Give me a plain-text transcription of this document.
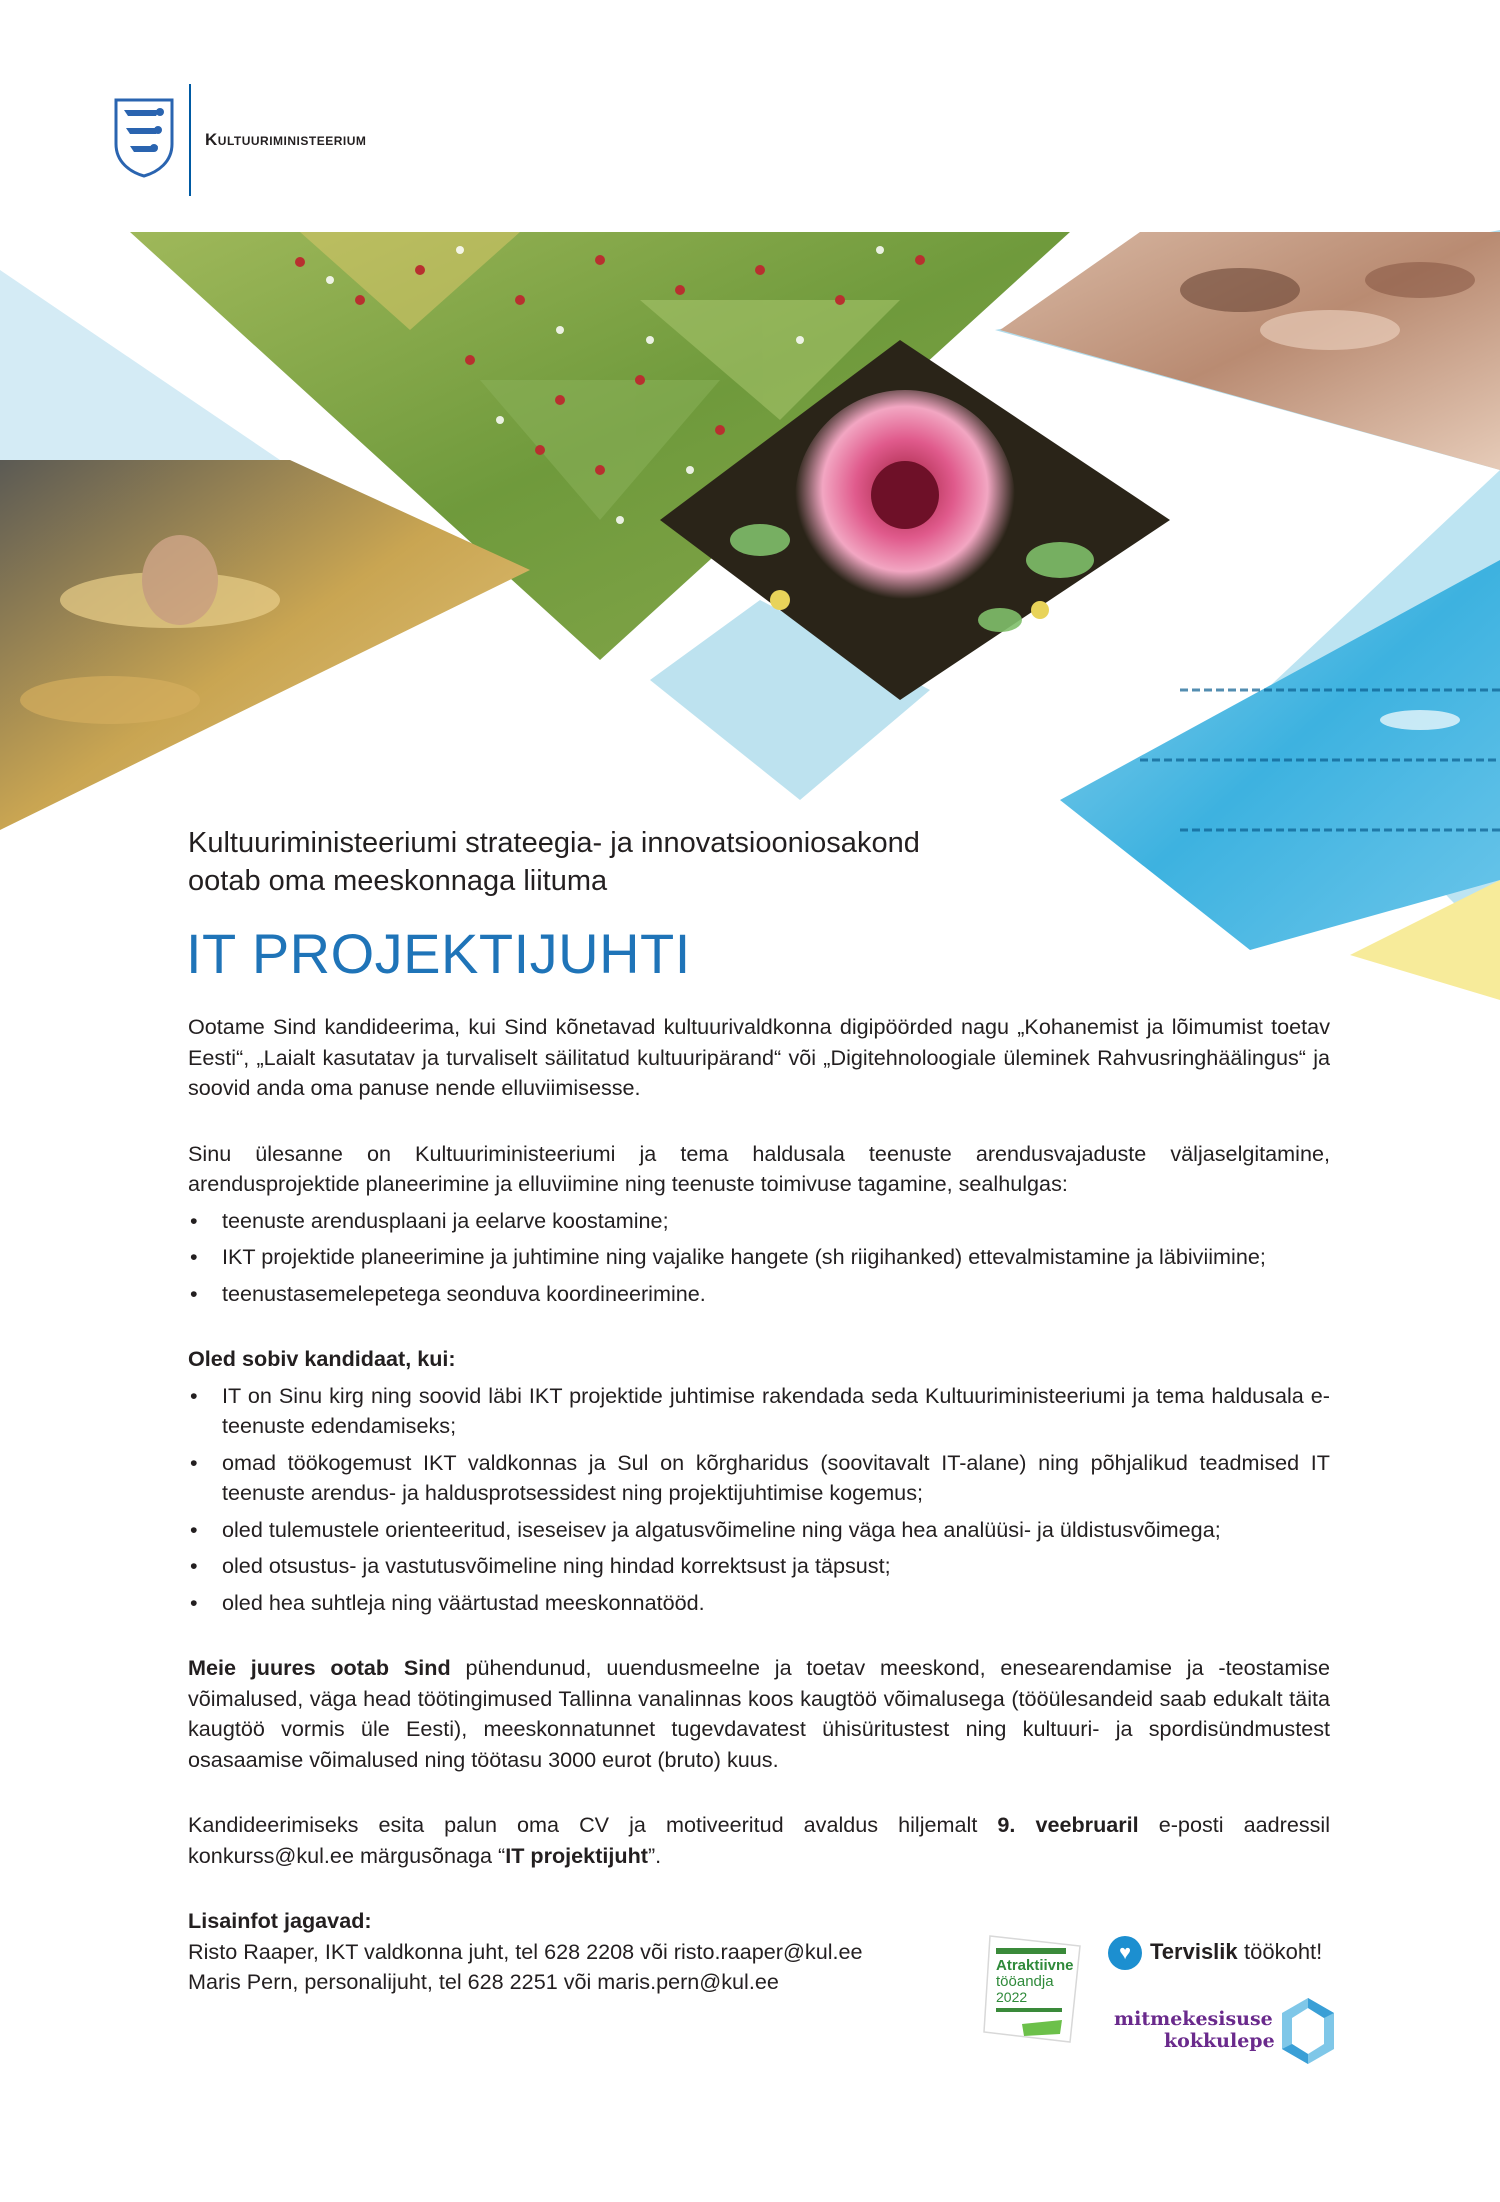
Kultuuriministeerium
Kultuuriministeeriumi strateegia- ja innovatsiooniosakond
ootab oma meeskonnaga liituma
IT PROJEKTIJUHTI

Ootame Sind kandideerima, kui Sind kõnetavad kultuurivaldkonna digipöörded nagu „Kohanemist ja lõimumist toetav Eesti“, „Laialt kasutatav ja turvaliselt säilitatud kultuuripärand“ või „Digitehnoloogiale üleminek Rahvusringhäälingus“ ja soovid anda oma panuse nende elluviimisesse.

Sinu ülesanne on Kultuuriministeeriumi ja tema haldusala teenuste arendusvajaduste väljaselgitamine, arendusprojektide planeerimine ja elluviimine ning teenuste toimivuse tagamine, sealhulgas:

• teenuste arendusplaani ja eelarve koostamine;
• IKT projektide planeerimine ja juhtimine ning vajalike hangete (sh riigihanked) ettevalmistamine ja läbiviimine;
• teenustasemelepetega seonduva koordineerimine.

Oled sobiv kandidaat, kui:

• IT on Sinu kirg ning soovid läbi IKT projektide juhtimise rakendada seda Kultuuriministeeriumi ja tema haldusala e-teenuste edendamiseks;
• omad töökogemust IKT valdkonnas ja Sul on kõrgharidus (soovitavalt IT-alane) ning põhjalikud teadmised IT teenuste arendus- ja haldusprotsessidest ning projektijuhtimise kogemus;
• oled tulemustele orienteeritud, iseseisev ja algatusvõimeline ning väga hea analüüsi- ja üldistusvõimega;
• oled otsustus- ja vastutusvõimeline ning hindad korrektsust ja täpsust;
• oled hea suhtleja ning väärtustad meeskonnatööd.

Meie juures ootab Sind pühendunud, uuendusmeelne ja toetav meeskond, enesearendamise ja -teostamise võimalused, väga head töötingimused Tallinna vanalinnas koos kaugtöö võimalusega (tööülesandeid saab edukalt täita kaugtöö vormis üle Eesti), meeskonnatunnet tugevdavatest ühisüritustest ning kultuuri- ja spordisündmustest osasaamise võimalused ning töötasu 3000 eurot (bruto) kuus.

Kandideerimiseks esita palun oma CV ja motiveeritud avaldus hiljemalt 9. veebruaril e-posti aadressil konkurss@kul.ee märgusõnaga “IT projektijuht”.

Lisainfot jagavad:

Risto Raaper, IKT valdkonna juht, tel 628 2208 või risto.raaper@kul.ee

Maris Pern, personalijuht, tel 628 2251 või maris.pern@kul.ee

Atraktiivne
tööandja
2022
♥ Tervislik töökoht!
mitmekesisuse
kokkulepe
